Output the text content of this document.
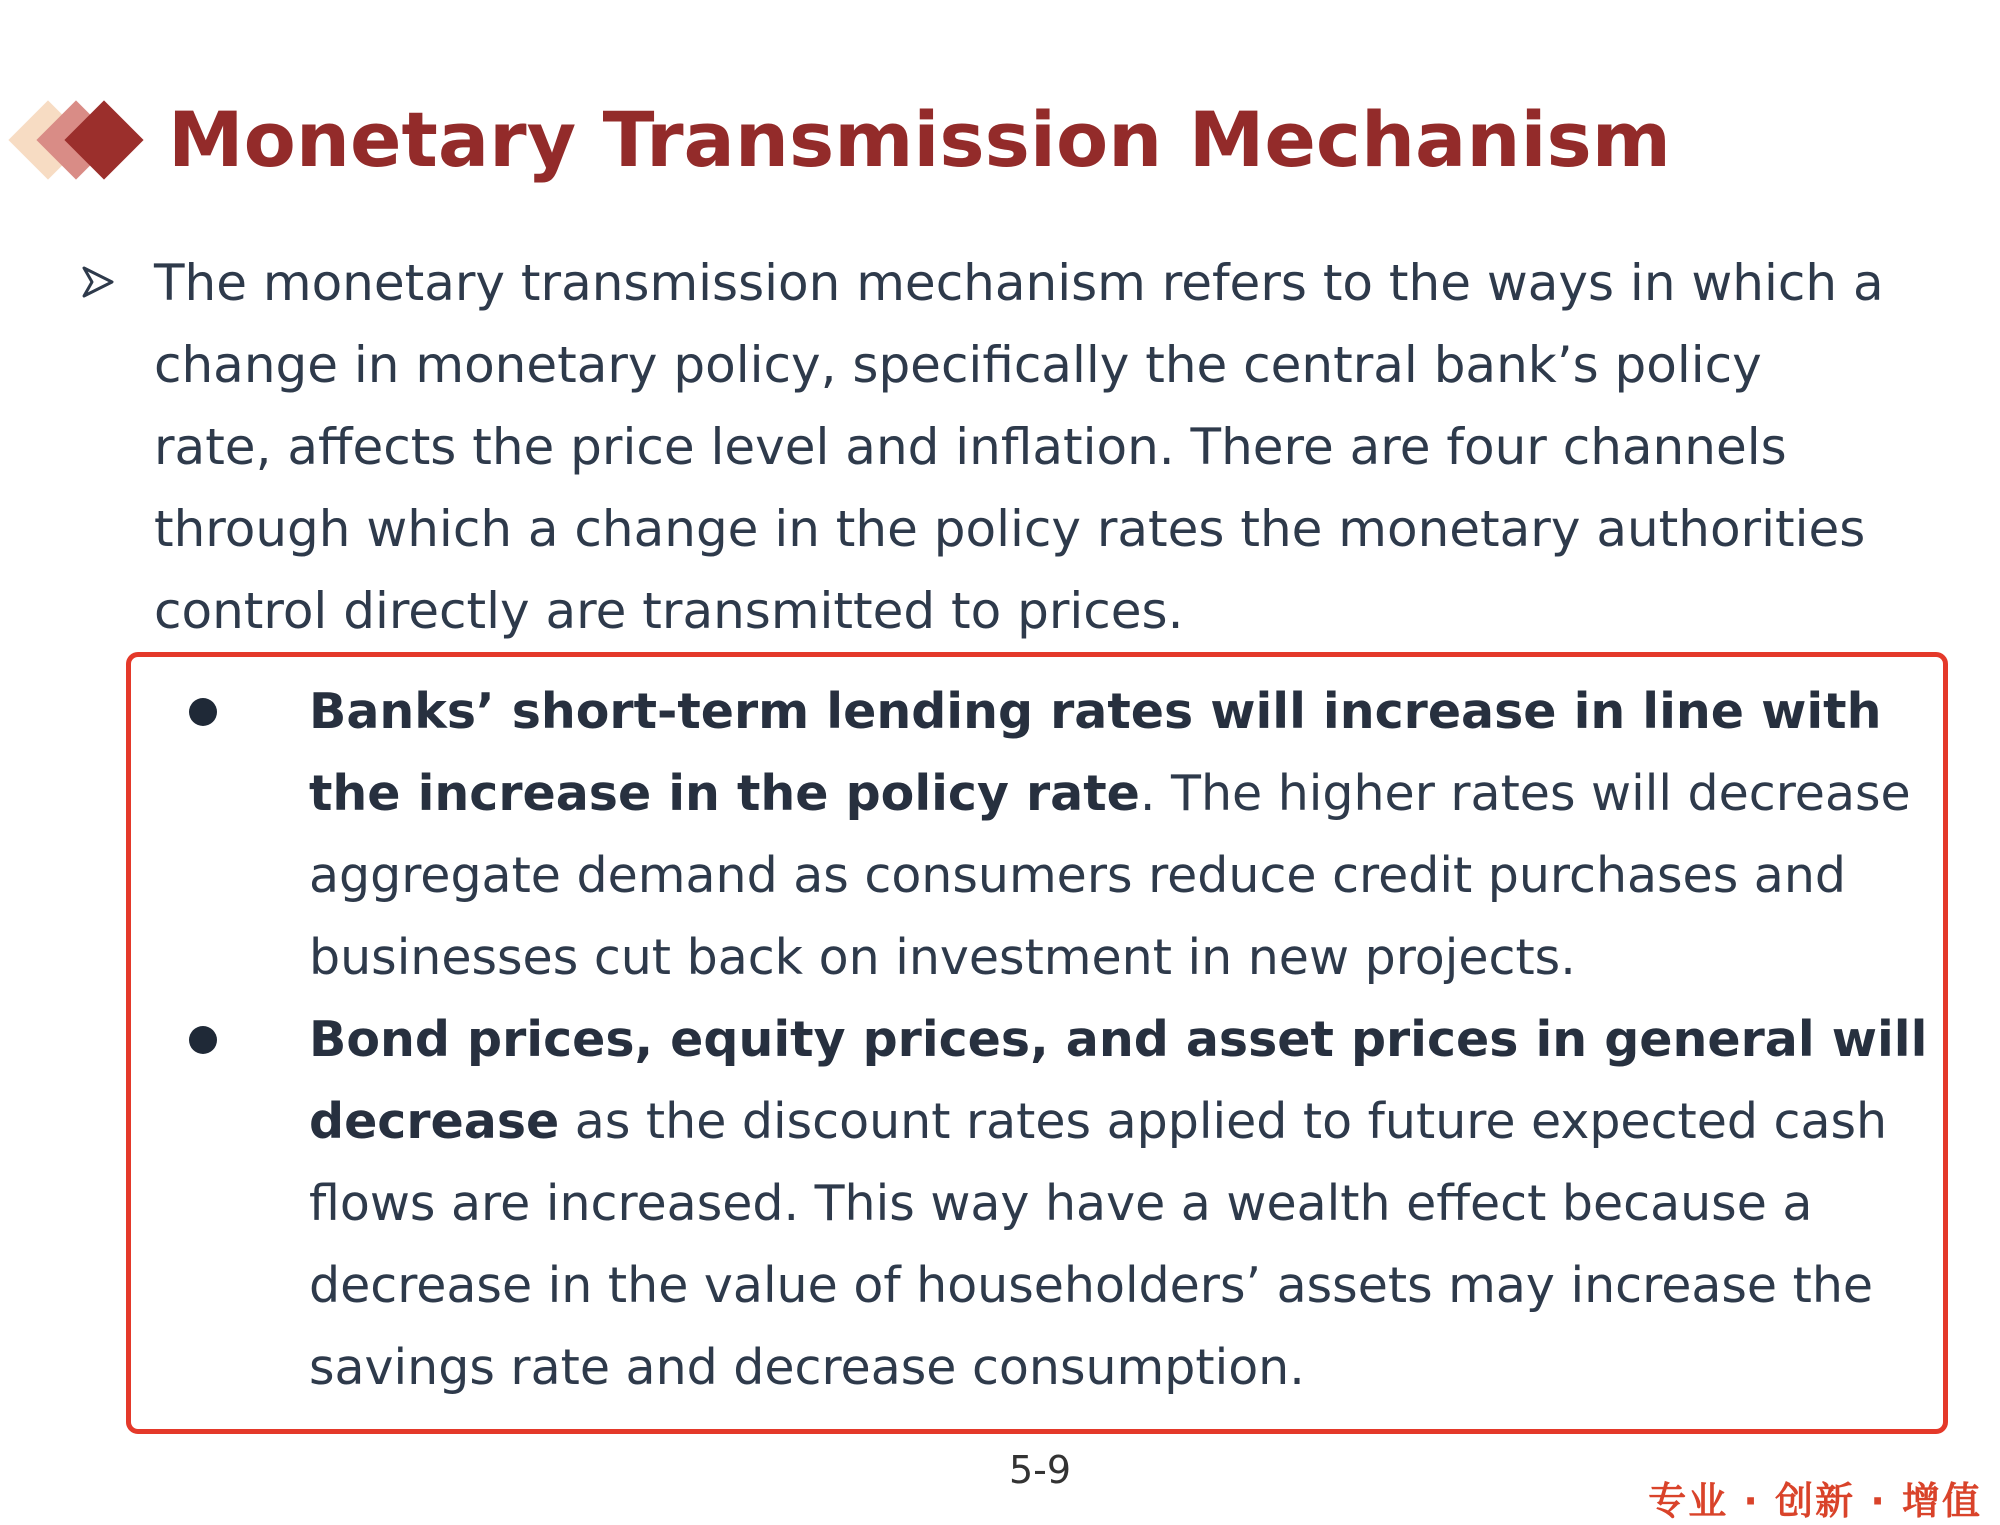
Monetary Transmission Mechanism
The monetary transmission mechanism refers to the ways in which a change in monetary policy, specifically the central bank’s policy rate, affects the price level and inflation. There are four channels through which a change in the policy rates the monetary authorities control directly are transmitted to prices.
Banks’ short-term lending rates will increase in line with the increase in the policy rate. The higher rates will decrease aggregate demand as consumers reduce credit purchases and businesses cut back on investment in new projects.
Bond prices, equity prices, and asset prices in general will decrease as the discount rates applied to future expected cash flows are increased. This way have a wealth effect because a decrease in the value of householders’ assets may increase the savings rate and decrease consumption.
5-9
专业 · 创新 · 增值
